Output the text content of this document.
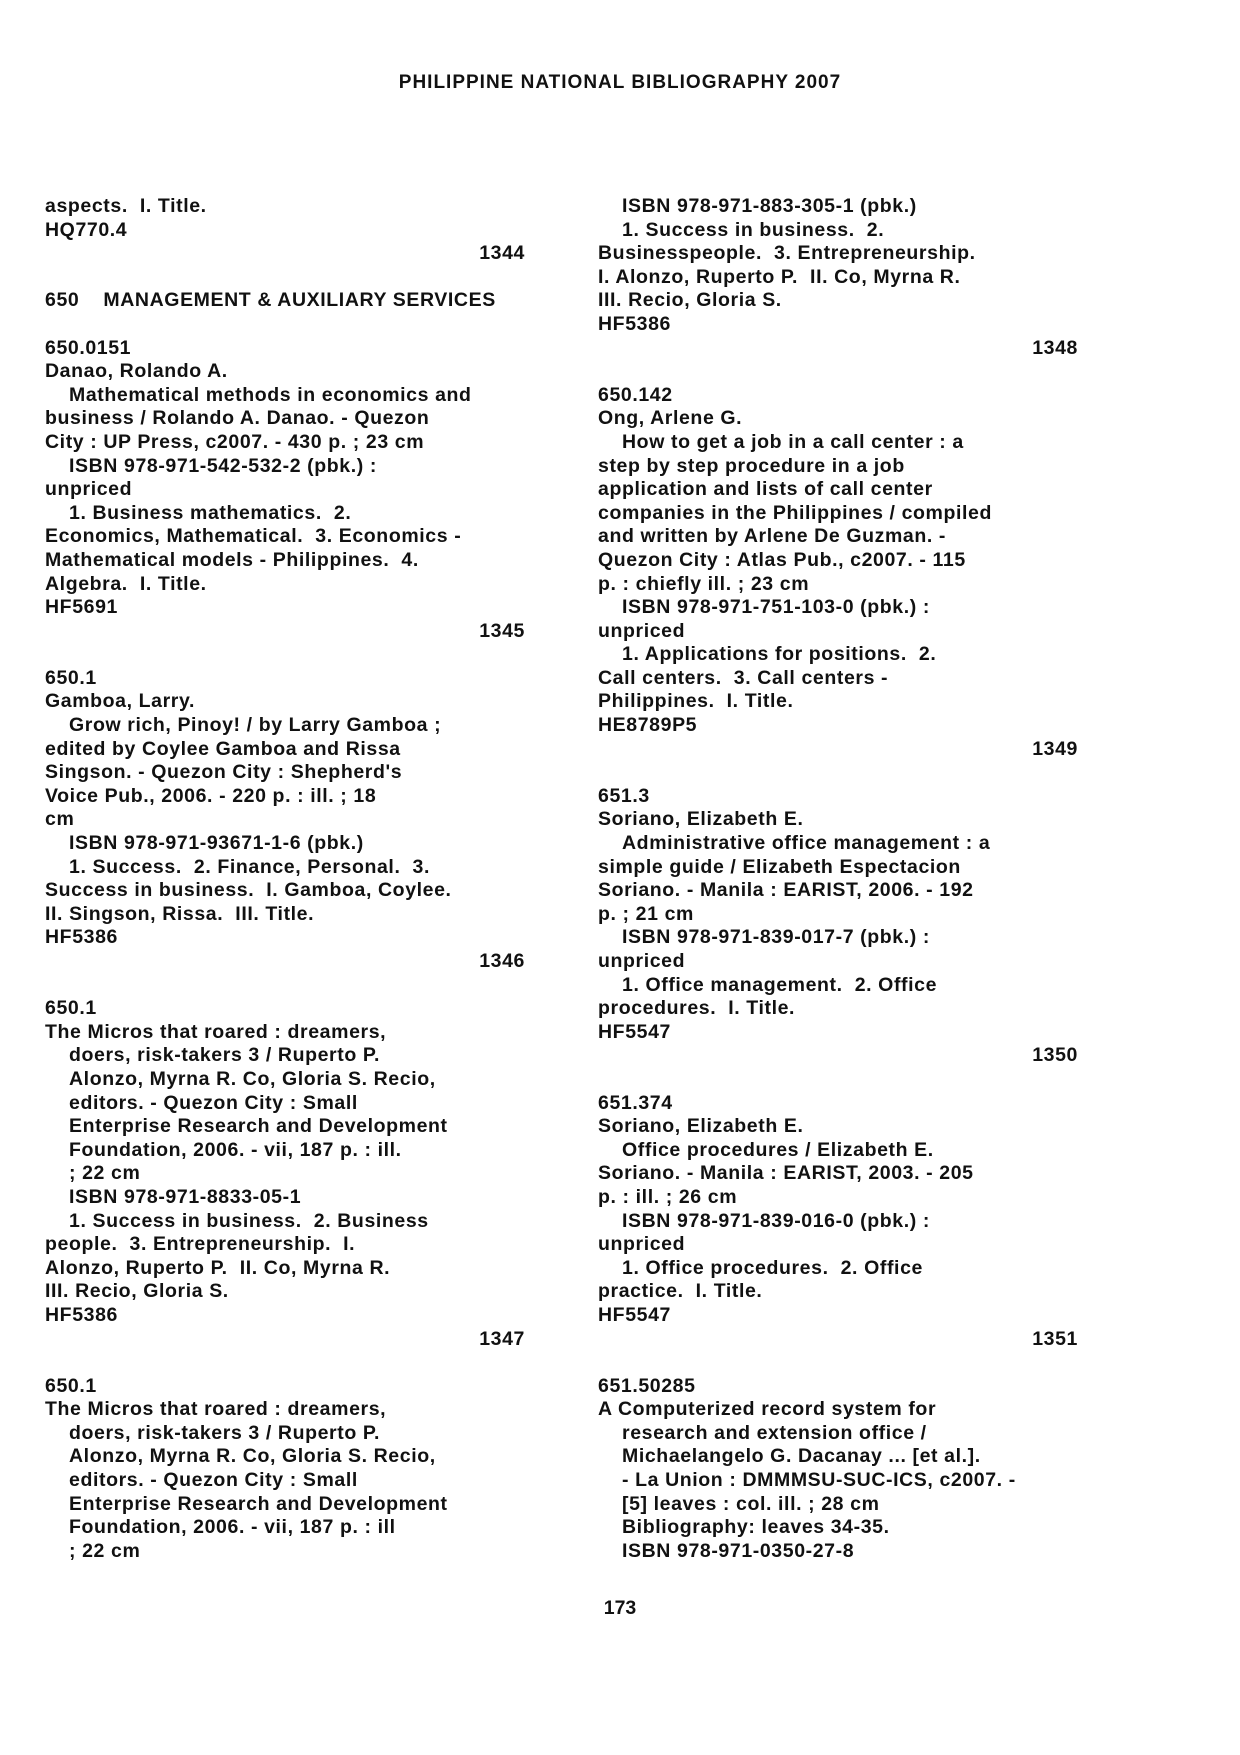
PHILIPPINE NATIONAL BIBLIOGRAPHY 2007
aspects.  I. Title.
HQ770.4
1344
650    MANAGEMENT & AUXILIARY SERVICES
650.0151
Danao, Rolando A.
Mathematical methods in economics and
business / Rolando A. Danao. - Quezon
City : UP Press, c2007. - 430 p. ; 23 cm
ISBN 978-971-542-532-2 (pbk.) :
unpriced
1. Business mathematics.  2.
Economics, Mathematical.  3. Economics -
Mathematical models - Philippines.  4.
Algebra.  I. Title.
HF5691
1345
650.1
Gamboa, Larry.
Grow rich, Pinoy! / by Larry Gamboa ;
edited by Coylee Gamboa and Rissa
Singson. - Quezon City : Shepherd's
Voice Pub., 2006. - 220 p. : ill. ; 18
cm
ISBN 978-971-93671-1-6 (pbk.)
1. Success.  2. Finance, Personal.  3.
Success in business.  I. Gamboa, Coylee.
II. Singson, Rissa.  III. Title.
HF5386
1346
650.1
The Micros that roared : dreamers,
doers, risk-takers 3 / Ruperto P.
Alonzo, Myrna R. Co, Gloria S. Recio,
editors. - Quezon City : Small
Enterprise Research and Development
Foundation, 2006. - vii, 187 p. : ill.
; 22 cm
ISBN 978-971-8833-05-1
1. Success in business.  2. Business
people.  3. Entrepreneurship.  I.
Alonzo, Ruperto P.  II. Co, Myrna R.
III. Recio, Gloria S.
HF5386
1347
650.1
The Micros that roared : dreamers,
doers, risk-takers 3 / Ruperto P.
Alonzo, Myrna R. Co, Gloria S. Recio,
editors. - Quezon City : Small
Enterprise Research and Development
Foundation, 2006. - vii, 187 p. : ill
; 22 cm
ISBN 978-971-883-305-1 (pbk.)
1. Success in business.  2.
Businesspeople.  3. Entrepreneurship.
I. Alonzo, Ruperto P.  II. Co, Myrna R.
III. Recio, Gloria S.
HF5386
1348
650.142
Ong, Arlene G.
How to get a job in a call center : a
step by step procedure in a job
application and lists of call center
companies in the Philippines / compiled
and written by Arlene De Guzman. -
Quezon City : Atlas Pub., c2007. - 115
p. : chiefly ill. ; 23 cm
ISBN 978-971-751-103-0 (pbk.) :
unpriced
1. Applications for positions.  2.
Call centers.  3. Call centers -
Philippines.  I. Title.
HE8789P5
1349
651.3
Soriano, Elizabeth E.
Administrative office management : a
simple guide / Elizabeth Espectacion
Soriano. - Manila : EARIST, 2006. - 192
p. ; 21 cm
ISBN 978-971-839-017-7 (pbk.) :
unpriced
1. Office management.  2. Office
procedures.  I. Title.
HF5547
1350
651.374
Soriano, Elizabeth E.
Office procedures / Elizabeth E.
Soriano. - Manila : EARIST, 2003. - 205
p. : ill. ; 26 cm
ISBN 978-971-839-016-0 (pbk.) :
unpriced
1. Office procedures.  2. Office
practice.  I. Title.
HF5547
1351
651.50285
A Computerized record system for
research and extension office /
Michaelangelo G. Dacanay ... [et al.].
- La Union : DMMMSU-SUC-ICS, c2007. -
[5] leaves : col. ill. ; 28 cm
Bibliography: leaves 34-35.
ISBN 978-971-0350-27-8
173
